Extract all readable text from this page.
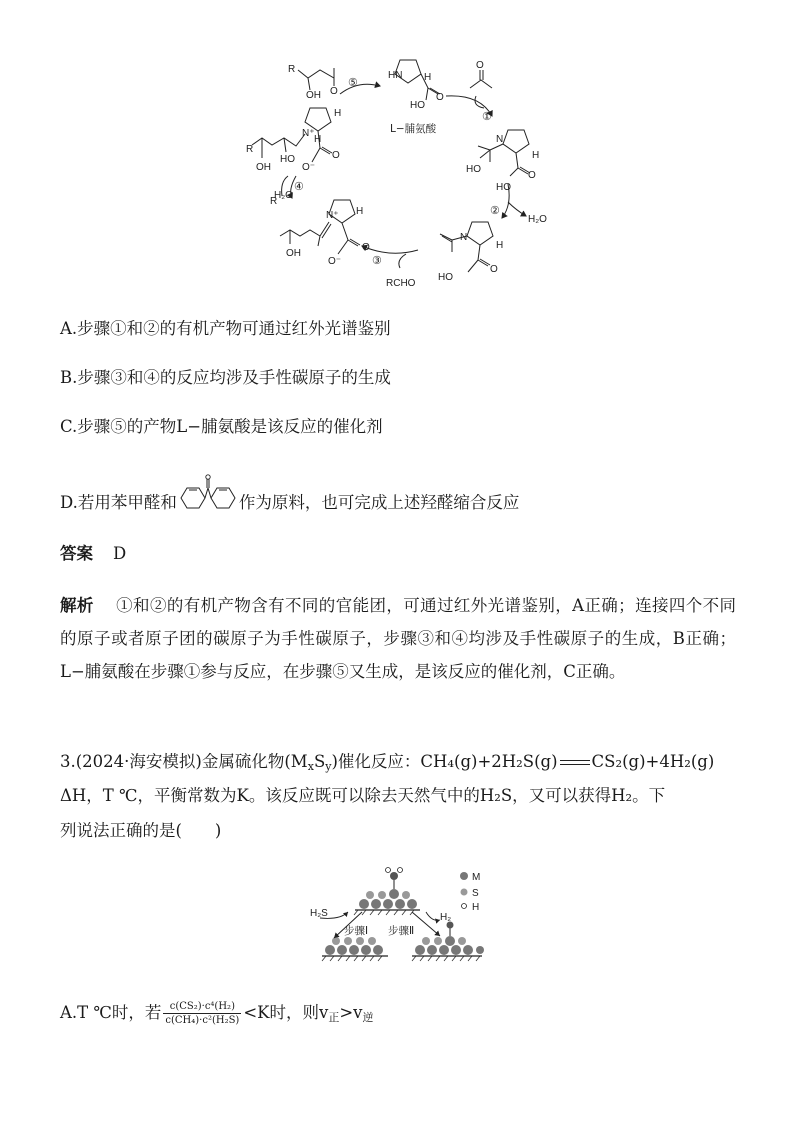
R
OH O
⑤
HN H
HO
O
L−脯氨酸
O
①
N
H
HO
HO
O
②
H₂O
N
H
HO
O
③
RCHO
R
OH
N⁺ H
O⁻
O
④
H₂O
R
OH
N⁺
H
H
HO	O
O⁻
A.步骤①和②的有机产物可通过红外光谱鉴别
B.步骤③和④的反应均涉及手性碳原子的生成
C.步骤⑤的产物L−脯氨酸是该反应的催化剂
D.若用苯甲醛和	作为原料，也可完成上述羟醛缩合反应
答案 D
解析 ①和②的有机产物含有不同的官能团，可通过红外光谱鉴别，A正确；连接四个不同的原子或者原子团的碳原子为手性碳原子，步骤③和④均涉及手性碳原子的生成，B正确；L−脯氨酸在步骤①参与反应，在步骤⑤又生成，是该反应的催化剂，C正确。
3.(2024·海安模拟)金属硫化物$(M_xS_y)$催化反应：CH₄(g)+2H₂S(g) CS₂(g)+4H₂(g)
ΔH，T ℃，平衡常数为K。该反应既可以除去天然气中的H₂S，又可以获得H₂。下
列说法正确的是(　　)
H₂S	H₂
步骤Ⅰ 步骤Ⅱ
M
S
H
A.T ℃时，若 $\frac{\text{c(CS₂)·c⁴(H₂)}}{\text{c(CH₄)·c²(H₂S)}} <K$时，则$v_正>v_逆$
